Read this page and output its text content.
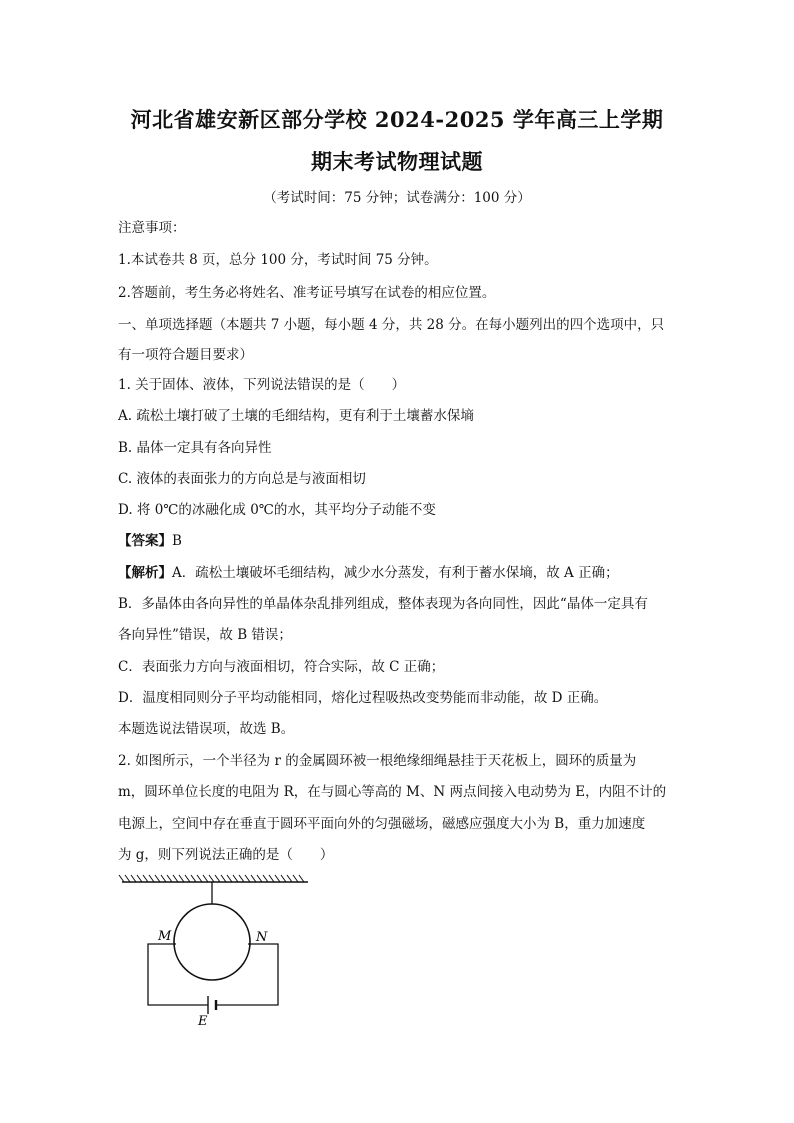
河北省雄安新区部分学校 2024-2025 学年高三上学期
期末考试物理试题
（考试时间：75 分钟；试卷满分：100 分）
注意事项：
1.本试卷共 8 页，总分 100 分，考试时间 75 分钟。
2.答题前，考生务必将姓名、准考证号填写在试卷的相应位置。
一、单项选择题（本题共 7 小题，每小题 4 分，共 28 分。在每小题列出的四个选项中，只
有一项符合题目要求）
1. 关于固体、液体，下列说法错误的是（　　）
A. 疏松土壤打破了土壤的毛细结构，更有利于土壤蓄水保墒
B. 晶体一定具有各向异性
C. 液体的表面张力的方向总是与液面相切
D. 将 0℃的冰融化成 0℃的水，其平均分子动能不变
【答案】B
【解析】A．疏松土壤破坏毛细结构，减少水分蒸发，有利于蓄水保墒，故 A 正确；
B．多晶体由各向异性的单晶体杂乱排列组成，整体表现为各向同性，因此“晶体一定具有
各向异性”错误，故 B 错误；
C．表面张力方向与液面相切，符合实际，故 C 正确；
D．温度相同则分子平均动能相同，熔化过程吸热改变势能而非动能，故 D 正确。
本题选说法错误项，故选 B。
2. 如图所示，一个半径为 r 的金属圆环被一根绝缘细绳悬挂于天花板上，圆环的质量为
m，圆环单位长度的电阻为 R，在与圆心等高的 M、N 两点间接入电动势为 E，内阻不计的
电源上，空间中存在垂直于圆环平面向外的匀强磁场，磁感应强度大小为 B，重力加速度
为 g，则下列说法正确的是（　　）
M	N
E
